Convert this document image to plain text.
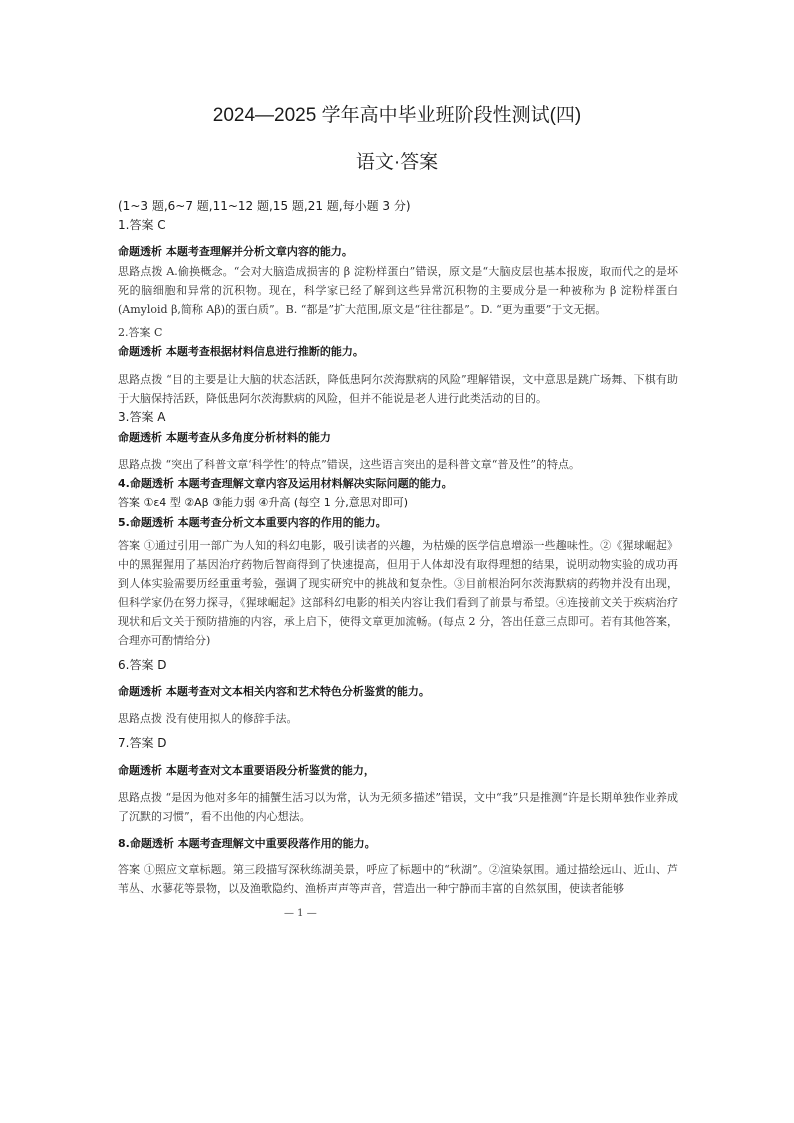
2024—2025 学年高中毕业班阶段性测试(四)
语文·答案
(1~3 题,6~7 题,11~12 题,15 题,21 题,每小题 3 分)
1.答案 C
命题透析 本题考查理解并分析文章内容的能力。
思路点拨 A.偷换概念。“会对大脑造成损害的 β 淀粉样蛋白”错误，原文是“大脑皮层也基本报废，取而代之的是坏死的脑细胞和异常的沉积物。现在，科学家已经了解到这些异常沉积物的主要成分是一种被称为 β 淀粉样蛋白(Amyloid β,简称 Aβ)的蛋白质”。B. “都是”扩大范围,原文是“往往都是”。D. “更为重要”于文无据。
2.答案 C
命题透析 本题考查根据材料信息进行推断的能力。
思路点拨 “目的主要是让大脑的状态活跃，降低患阿尔茨海默病的风险”理解错误，文中意思是跳广场舞、下棋有助于大脑保持活跃，降低患阿尔茨海默病的风险，但并不能说是老人进行此类活动的目的。
3.答案 A
命题透析 本题考查从多角度分析材料的能力
思路点拨 “突出了科普文章‘科学性’的特点”错误，这些语言突出的是科普文章“普及性”的特点。
4.命题透析 本题考查理解文章内容及运用材料解决实际问题的能力。
答案 ①ε4 型 ②Aβ ③能力弱 ④升高 (每空 1 分,意思对即可)
5.命题透析 本题考查分析文本重要内容的作用的能力。
答案 ①通过引用一部广为人知的科幻电影，吸引读者的兴趣，为枯燥的医学信息增添一些趣味性。②《猩球崛起》中的黑猩猩用了基因治疗药物后智商得到了快速提高，但用于人体却没有取得理想的结果，说明动物实验的成功再到人体实验需要历经重重考验，强调了现实研究中的挑战和复杂性。③目前根治阿尔茨海默病的药物并没有出现，但科学家仍在努力探寻，《猩球崛起》这部科幻电影的相关内容让我们看到了前景与希望。④连接前文关于疾病治疗现状和后文关于预防措施的内容，承上启下，使得文章更加流畅。(每点 2 分，答出任意三点即可。若有其他答案，合理亦可酌情给分)
6.答案 D
命题透析 本题考查对文本相关内容和艺术特色分析鉴赏的能力。
思路点拨 没有使用拟人的修辞手法。
7.答案 D
命题透析 本题考查对文本重要语段分析鉴赏的能力，
思路点拨 “是因为他对多年的捕蟹生活习以为常，认为无须多描述”错误，文中“我”只是推测“许是长期单独作业养成了沉默的习惯”，看不出他的内心想法。
8.命题透析 本题考查理解文中重要段落作用的能力。
答案 ①照应文章标题。第三段描写深秋练湖美景，呼应了标题中的“秋湖”。②渲染氛围。通过描绘远山、近山、芦苇丛、水蓼花等景物，以及渔歌隐约、渔桥声声等声音，营造出一种宁静而丰富的自然氛围，使读者能够
— 1 —
